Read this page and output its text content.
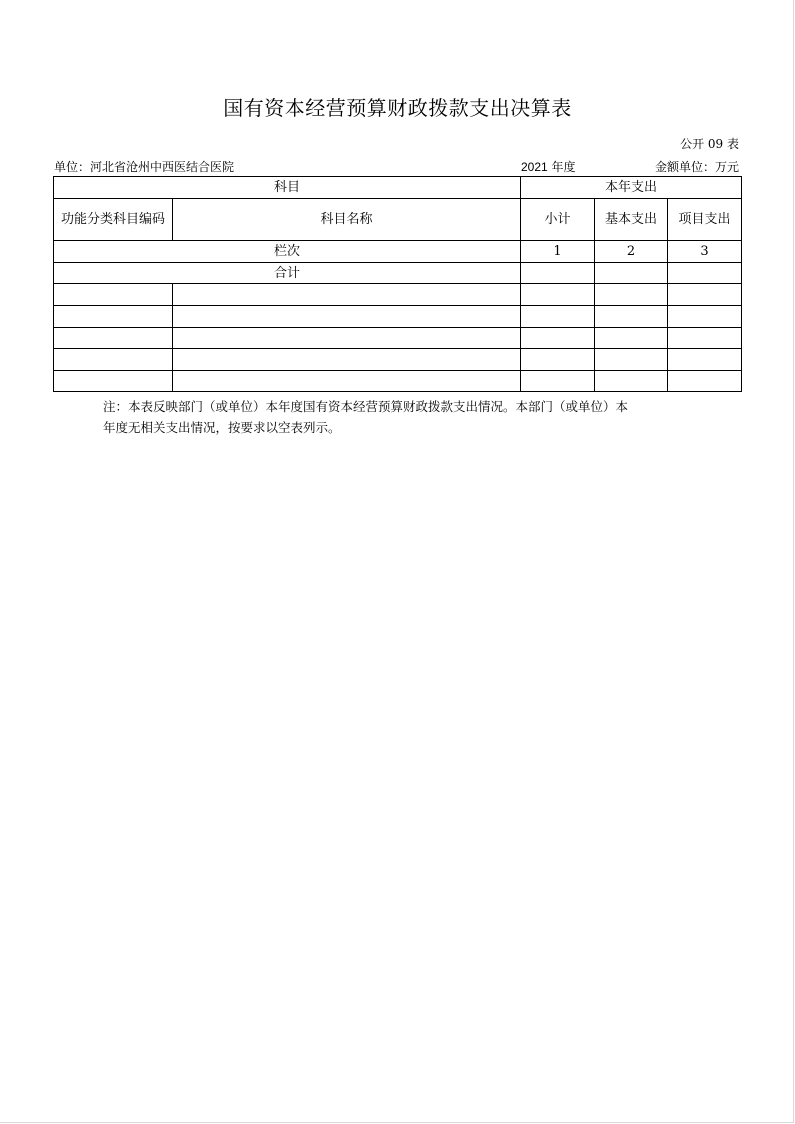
国有资本经营预算财政拨款支出决算表
公开 09 表
单位：河北省沧州中西医结合医院	2021 年度	金额单位：万元
科目		本年支出		
功能分类科目编码	科目名称	小计	基本支出	项目支出
栏次		1	2	3
合计				

注：本表反映部门（或单位）本年度国有资本经营预算财政拨款支出情况。本部门（或单位）本

年度无相关支出情况，按要求以空表列示。
